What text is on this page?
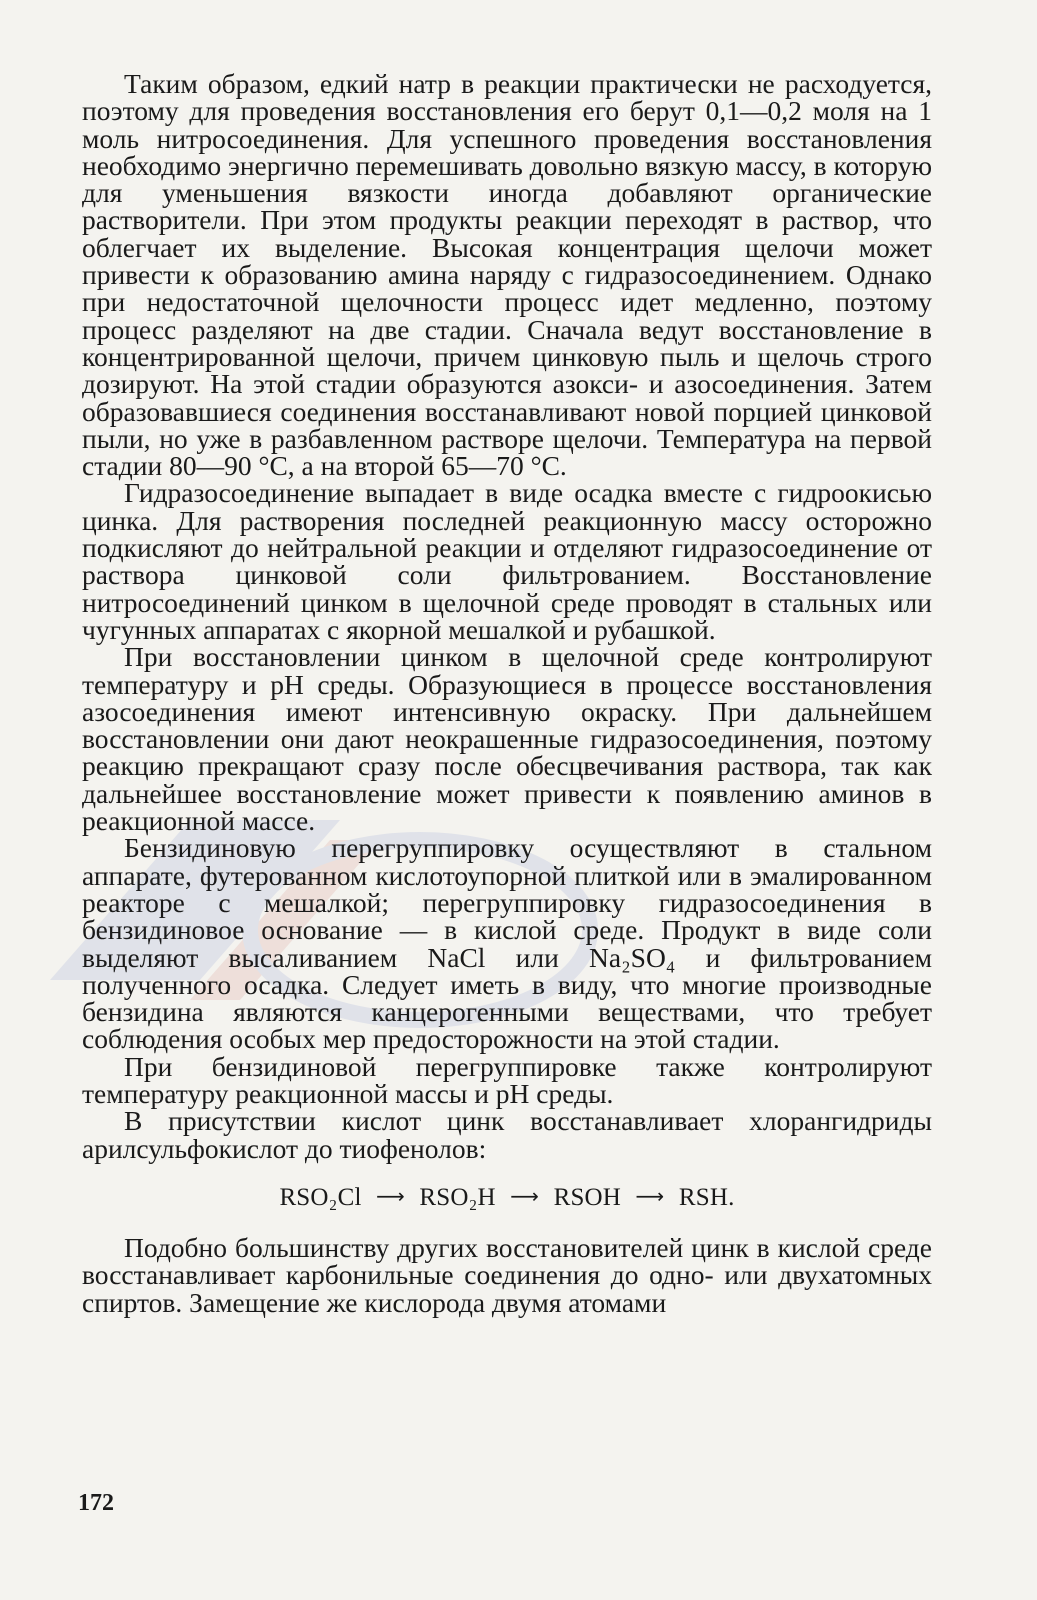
Таким образом, едкий натр в реакции практически не расходуется, поэтому для проведения восстановления его берут 0,1—0,2 моля на 1 моль нитросоединения. Для успешного проведения восстановления необходимо энергично перемешивать довольно вязкую массу, в которую для уменьшения вязкости иногда добавляют органические растворители. При этом продукты реакции переходят в раствор, что облегчает их выделение. Высокая концентрация щелочи может привести к образованию амина наряду с гидразосоединением. Однако при недостаточной щелочности процесс идет медленно, поэтому процесс разделяют на две стадии. Сначала ведут восстановление в концентрированной щелочи, причем цинковую пыль и щелочь строго дозируют. На этой стадии образуются азокси- и азосоединения. Затем образовавшиеся соединения восстанавливают новой порцией цинковой пыли, но уже в разбавленном растворе щелочи. Температура на первой стадии 80—90 °C, а на второй 65—70 °C.

Гидразосоединение выпадает в виде осадка вместе с гидроокисью цинка. Для растворения последней реакционную массу осторожно подкисляют до нейтральной реакции и отделяют гидразосоединение от раствора цинковой соли фильтрованием. Восстановление нитросоединений цинком в щелочной среде проводят в стальных или чугунных аппаратах с якорной мешалкой и рубашкой.

При восстановлении цинком в щелочной среде контролируют температуру и pH среды. Образующиеся в процессе восстановления азосоединения имеют интенсивную окраску. При дальнейшем восстановлении они дают неокрашенные гидразосоединения, поэтому реакцию прекращают сразу после обесцвечивания раствора, так как дальнейшее восстановление может привести к появлению аминов в реакционной массе.

Бензидиновую перегруппировку осуществляют в стальном аппарате, футерованном кислотоупорной плиткой или в эмалированном реакторе с мешалкой; перегруппировку гидразосоединения в бензидиновое основание — в кислой среде. Продукт в виде соли выделяют высаливанием NaCl или Na₂SO₄ и фильтрованием полученного осадка. Следует иметь в виду, что многие производные бензидина являются канцерогенными веществами, что требует соблюдения особых мер предосторожности на этой стадии.

При бензидиновой перегруппировке также контролируют температуру реакционной массы и pH среды.

В присутствии кислот цинк восстанавливает хлорангидриды арилсульфокислот до тиофенолов:

RSO₂Cl ⟶ RSO₂H ⟶ RSOH ⟶ RSH.

Подобно большинству других восстановителей цинк в кислой среде восстанавливает карбонильные соединения до одно- или двухатомных спиртов. Замещение же кислорода двумя атомами

172
